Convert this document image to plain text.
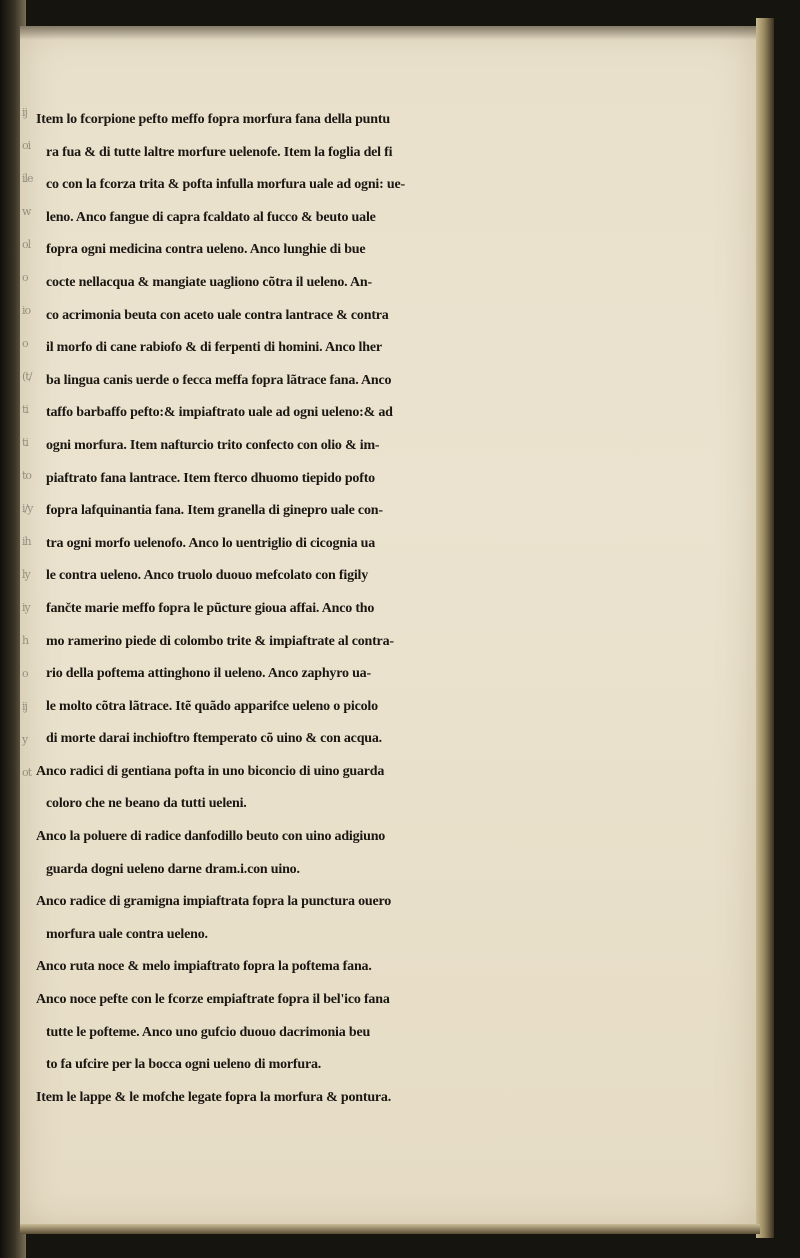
ij
oi
ile
w
ol
o
io
o
(t/
ti
ti
to
i/y
ih
ly
iy
h
o
ij
y
ot
Item lo fcorpione pefto meffo fopra morfura fana della puntu
ra fua & di tutte laltre morfure uelenofe. Item la foglia del fi
co con la fcorza trita & pofta infulla morfura uale ad ogni: ue-
leno. Anco fangue di capra fcaldato al fucco & beuto uale
fopra ogni medicina contra ueleno. Anco lunghie di bue
cocte nellacqua & mangiate uagliono cõtra il ueleno. An-
co acrimonia beuta con aceto uale contra lantrace & contra
il morfo di cane rabiofo & di ferpenti di homini. Anco lher
ba lingua canis uerde o fecca meffa fopra lãtrace fana. Anco
taffo barbaffo pefto:& impiaftrato uale ad ogni ueleno:& ad
ogni morfura. Item nafturcio trito confecto con olio & im-
piaftrato fana lantrace. Item fterco dhuomo tiepido pofto
fopra lafquinantia fana. Item granella di ginepro uale con-
tra ogni morfo uelenofo. Anco lo uentriglio di cicognia ua
le contra ueleno. Anco truolo duouo mefcolato con figily
fančte marie meffo fopra le pũcture gioua affai. Anco tho
mo ramerino piede di colombo trite & impiaftrate al contra-
rio della poftema attinghono il ueleno. Anco zaphyro ua-
le molto cõtra lãtrace. Itẽ quãdo apparifce ueleno o picolo
di morte darai inchioftro ftemperato cõ uino & con acqua.
Anco radici di gentiana pofta in uno biconcio di uino guarda
coloro che ne beano da tutti ueleni.
Anco la poluere di radice danfodillo beuto con uino adigiuno
guarda dogni ueleno darne dram.i.con uino.
Anco radice di gramigna impiaftrata fopra la punctura ouero
morfura uale contra ueleno.
Anco ruta noce & melo impiaftrato fopra la poftema fana.
Anco noce pefte con le fcorze empiaftrate fopra il bel'ico fana
tutte le pofteme. Anco uno gufcio duouo dacrimonia beu
to fa ufcire per la bocca ogni ueleno di morfura.
Item le lappe & le mofche legate fopra la morfura & pontura.
